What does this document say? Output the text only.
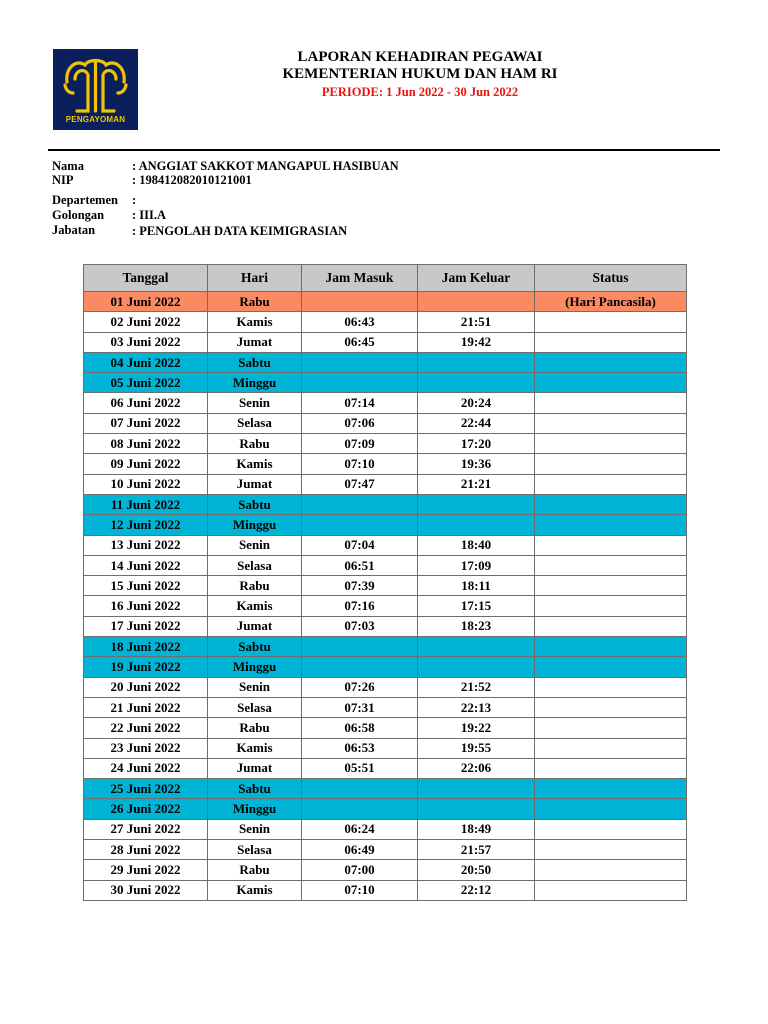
PENGAYOMAN
LAPORAN KEHADIRAN PEGAWAI
KEMENTERIAN HUKUM DAN HAM RI
PERIODE: 1 Jun 2022 - 30 Jun 2022
Nama	: ANGGIAT SAKKOT MANGAPUL HASIBUAN
NIP	: 198412082010121001
Departemen :
Golongan : III.A
Jabatan	: PENGOLAH DATA KEIMIGRASIAN
Tanggal	Hari	Jam Masuk	Jam Keluar	Status
01 Juni 2022	Rabu			(Hari Pancasila)
02 Juni 2022	Kamis	06:43	21:51	
03 Juni 2022	Jumat	06:45	19:42	
04 Juni 2022	Sabtu			
05 Juni 2022	Minggu			
06 Juni 2022	Senin	07:14	20:24	
07 Juni 2022	Selasa	07:06	22:44	
08 Juni 2022	Rabu	07:09	17:20	
09 Juni 2022	Kamis	07:10	19:36	
10 Juni 2022	Jumat	07:47	21:21	
11 Juni 2022	Sabtu			
12 Juni 2022	Minggu			
13 Juni 2022	Senin	07:04	18:40	
14 Juni 2022	Selasa	06:51	17:09	
15 Juni 2022	Rabu	07:39	18:11	
16 Juni 2022	Kamis	07:16	17:15	
17 Juni 2022	Jumat	07:03	18:23	
18 Juni 2022	Sabtu			
19 Juni 2022	Minggu			
20 Juni 2022	Senin	07:26	21:52	
21 Juni 2022	Selasa	07:31	22:13	
22 Juni 2022	Rabu	06:58	19:22	
23 Juni 2022	Kamis	06:53	19:55	
24 Juni 2022	Jumat	05:51	22:06	
25 Juni 2022	Sabtu			
26 Juni 2022	Minggu			
27 Juni 2022	Senin	06:24	18:49	
28 Juni 2022	Selasa	06:49	21:57	
29 Juni 2022	Rabu	07:00	20:50	
30 Juni 2022	Kamis	07:10	22:12	
